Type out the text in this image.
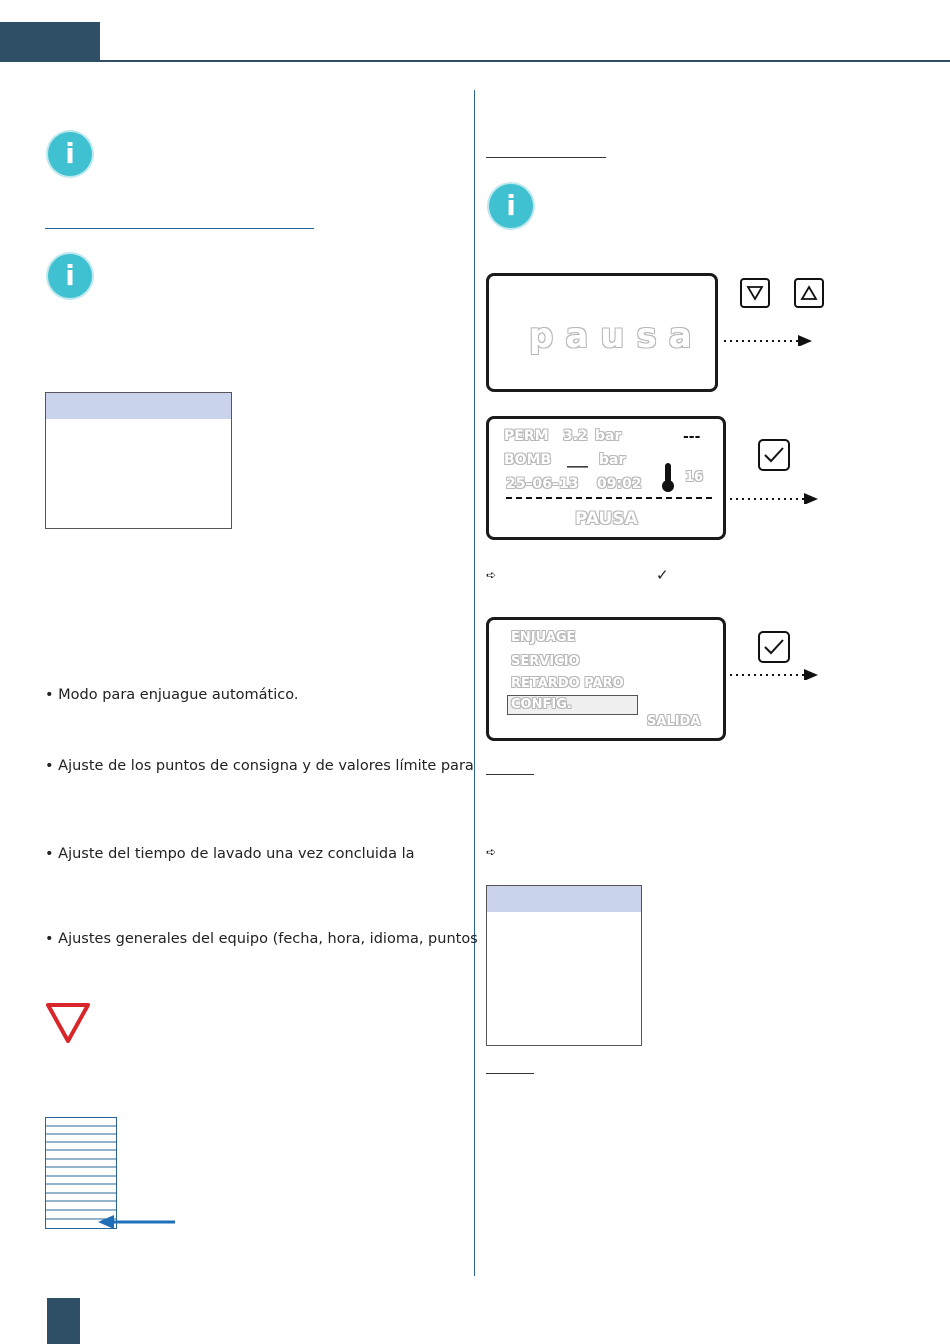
i
i
• Modo para enjuague automático.
• Ajuste de los puntos de consigna y de valores límite para
• Ajuste del tiempo de lavado una vez concluida la
• Ajustes generales del equipo (fecha, hora, idioma, puntos
i
pausa
PERM 3.2 bar	---
BOMB ___ bar
25–06–13 09:02	16
PAUSA
➪	✓
ENJUAGE
SERVICIO
RETARDO PARO
CONFIG.
SALIDA
➪
